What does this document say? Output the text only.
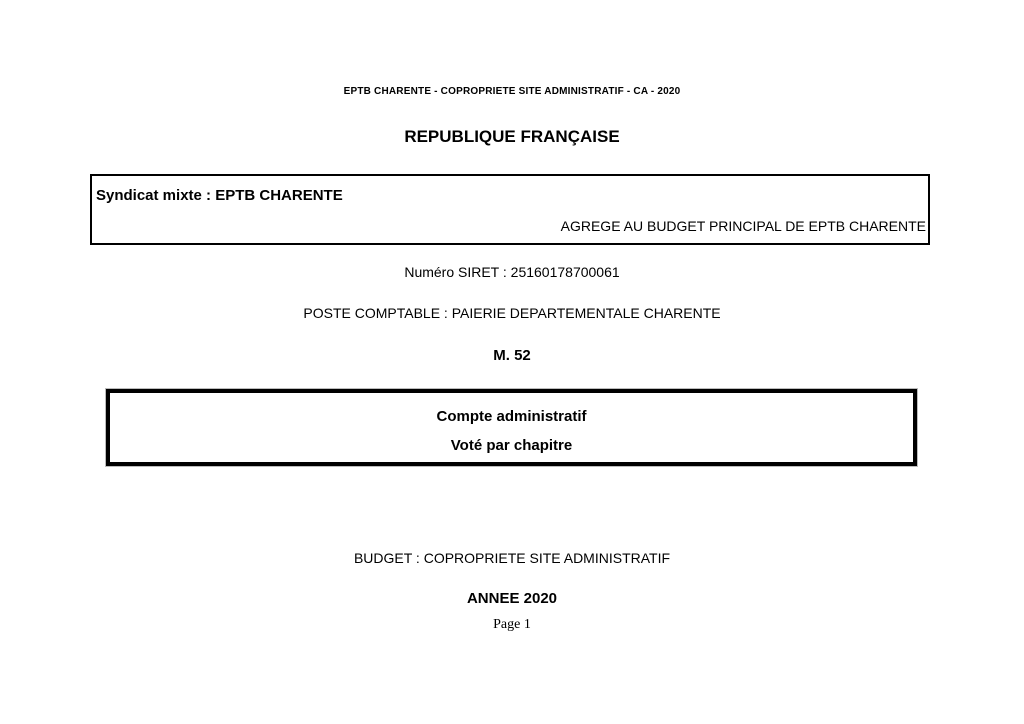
EPTB CHARENTE - COPROPRIETE SITE ADMINISTRATIF - CA - 2020
REPUBLIQUE FRANÇAISE
Syndicat mixte : EPTB CHARENTE
AGREGE AU BUDGET PRINCIPAL DE EPTB CHARENTE
Numéro SIRET : 25160178700061
POSTE COMPTABLE : PAIERIE DEPARTEMENTALE CHARENTE
M. 52
Compte administratif
Voté par chapitre
BUDGET : COPROPRIETE SITE ADMINISTRATIF
ANNEE 2020
Page 1
